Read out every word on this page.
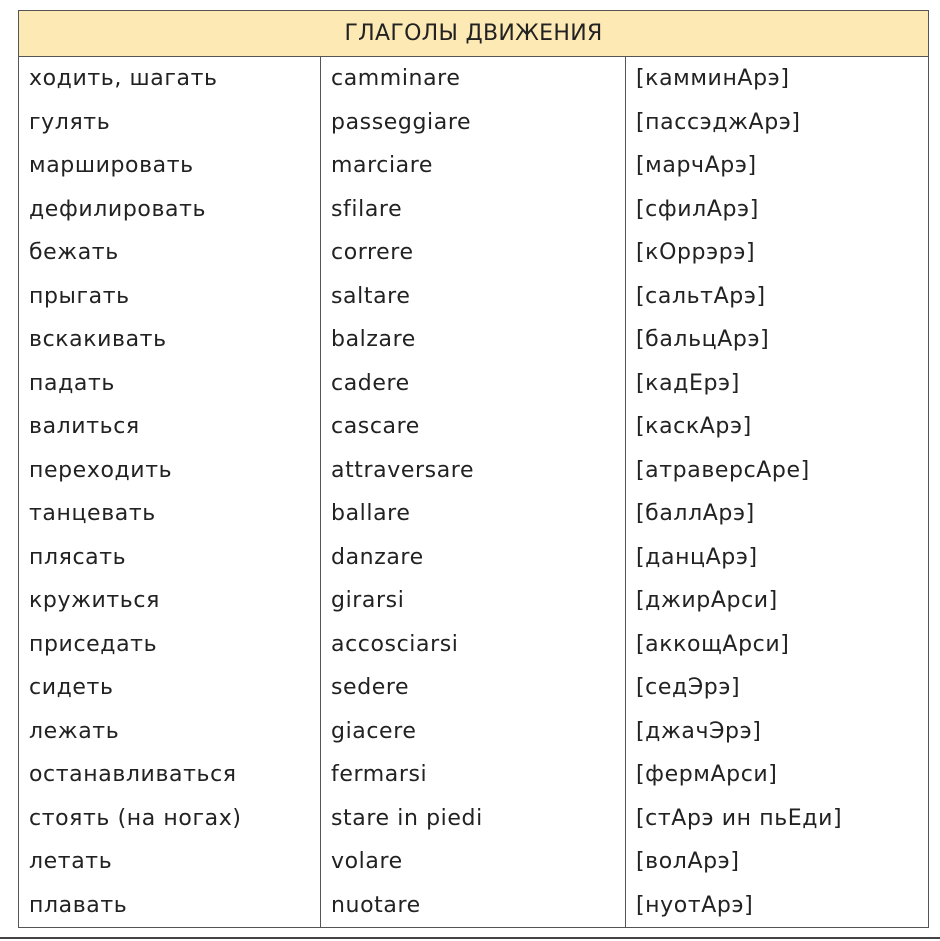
ГЛАГОЛЫ ДВИЖЕНИЯ		
ходить, шагать	camminare	[камминАрэ]
гулять	passeggiare	[пассэджАрэ]
маршировать	marciare	[марчАрэ]
дефилировать	sfilare	[сфилАрэ]
бежать	correre	[кОррэрэ]
прыгать	saltare	[сальтАрэ]
вскакивать	balzare	[бальцАрэ]
падать	cadere	[кадЕрэ]
валиться	cascare	[каскАрэ]
переходить	attraversare	[атраверсАре]
танцевать	ballare	[баллАрэ]
плясать	danzare	[данцАрэ]
кружиться	girarsi	[джирАрси]
приседать	accosciarsi	[аккощАрси]
сидеть	sedere	[седЭрэ]
лежать	giacere	[джачЭрэ]
останавливаться	fermarsi	[фермАрси]
стоять (на ногах)	stare in piedi	[стАрэ ин пьЕди]
летать	volare	[волАрэ]
плавать	nuotare	[нуотАрэ]
